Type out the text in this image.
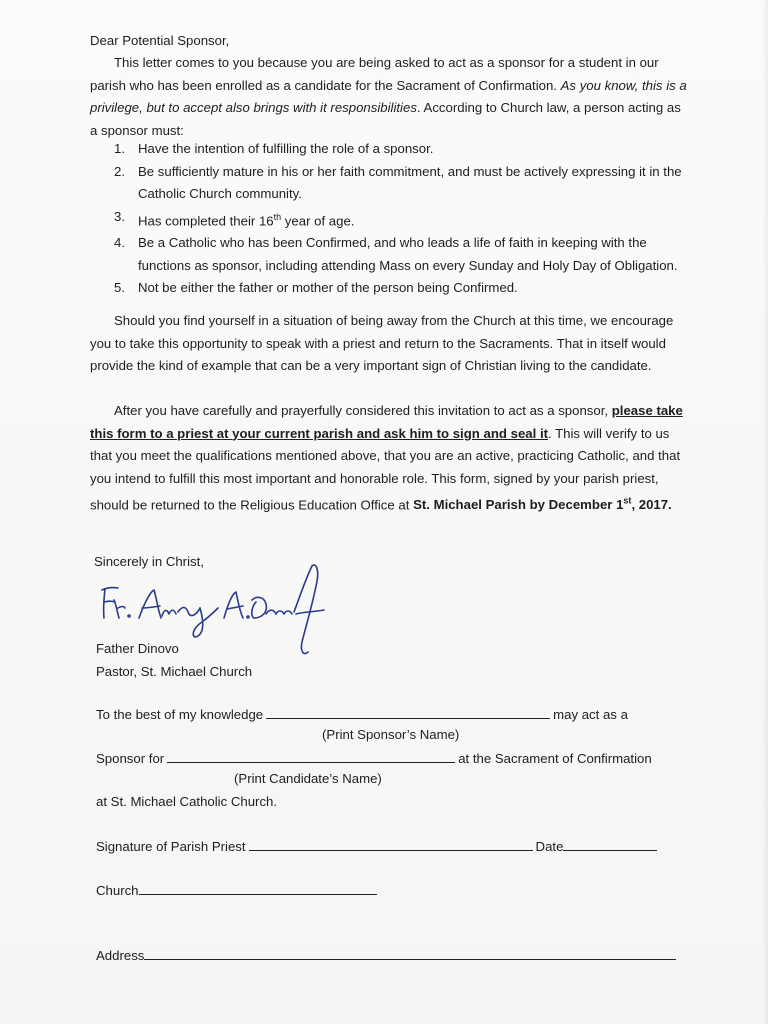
Dear Potential Sponsor,
This letter comes to you because you are being asked to act as a sponsor for a student in our parish who has been enrolled as a candidate for the Sacrament of Confirmation. As you know, this is a privilege, but to accept also brings with it responsibilities. According to Church law, a person acting as a sponsor must:
1. Have the intention of fulfilling the role of a sponsor.
2. Be sufficiently mature in his or her faith commitment, and must be actively expressing it in the Catholic Church community.
3. Has completed their 16th year of age.
4. Be a Catholic who has been Confirmed, and who leads a life of faith in keeping with the functions as sponsor, including attending Mass on every Sunday and Holy Day of Obligation.
5. Not be either the father or mother of the person being Confirmed.
Should you find yourself in a situation of being away from the Church at this time, we encourage you to take this opportunity to speak with a priest and return to the Sacraments. That in itself would provide the kind of example that can be a very important sign of Christian living to the candidate.
After you have carefully and prayerfully considered this invitation to act as a sponsor, please take this form to a priest at your current parish and ask him to sign and seal it. This will verify to us that you meet the qualifications mentioned above, that you are an active, practicing Catholic, and that you intend to fulfill this most important and honorable role. This form, signed by your parish priest, should be returned to the Religious Education Office at St. Michael Parish by December 1st, 2017.
Sincerely in Christ,
Father Dinovo
Pastor, St. Michael Church
To the best of my knowledge	may act as a
(Print Sponsor’s Name)
Sponsor for	at the Sacrament of Confirmation
(Print Candidate’s Name)
at St. Michael Catholic Church.
Signature of Parish Priest	Date
Church
Address
